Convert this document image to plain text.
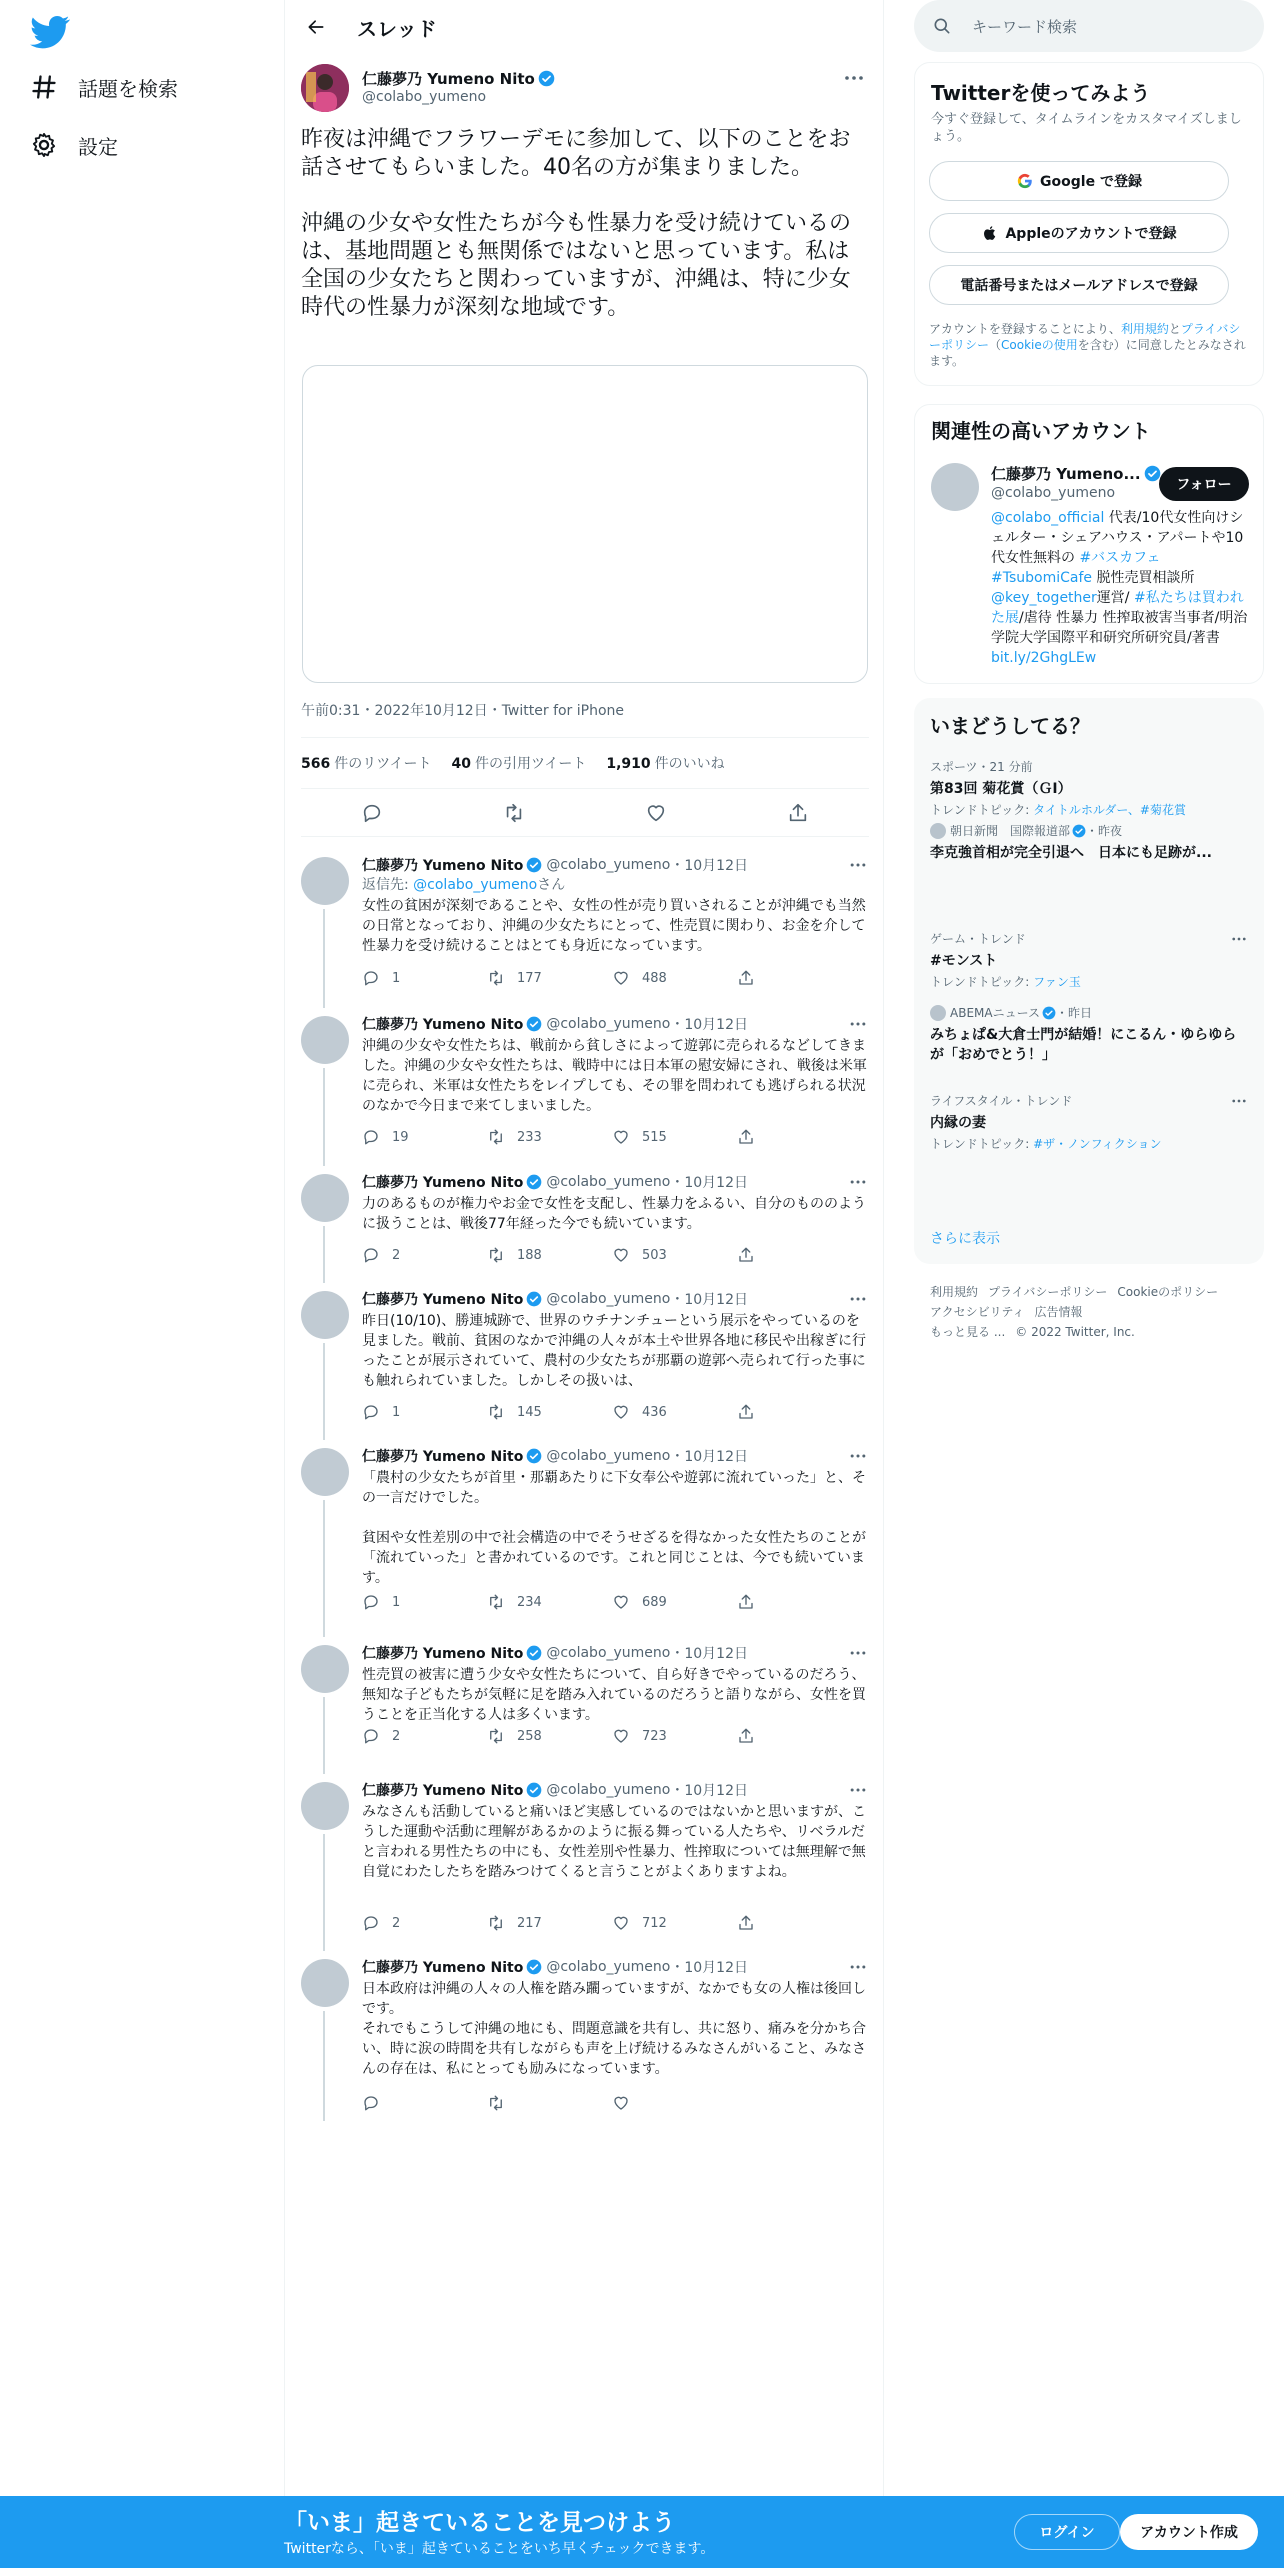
話題を検索
設定
スレッド
仁藤夢乃 Yumeno Nito
@colabo_yumeno
昨夜は沖縄でフラワーデモに参加して、以下のことをお話させてもらいました。40名の方が集まりました。

沖縄の少女や女性たちが今も性暴力を受け続けているのは、基地問題とも無関係ではないと思っています。私は全国の少女たちと関わっていますが、沖縄は、特に少女時代の性暴力が深刻な地域です。
午前0:31・2022年10月12日・Twitter for iPhone
566 件のリツイート 40 件の引用ツイート 1,910 件のいいね
仁藤夢乃 Yumeno Nito @colabo_yumeno ・10月12日
返信先: @colabo_yumenoさん
女性の貧困が深刻であることや、女性の性が売り買いされることが沖縄でも当然の日常となっており、沖縄の少女たちにとって、性売買に関わり、お金を介して性暴力を受け続けることはとても身近になっています。
1	177	488
仁藤夢乃 Yumeno Nito @colabo_yumeno ・10月12日
沖縄の少女や女性たちは、戦前から貧しさによって遊郭に売られるなどしてきました。沖縄の少女や女性たちは、戦時中には日本軍の慰安婦にされ、戦後は米軍に売られ、米軍は女性たちをレイプしても、その罪を問われても逃げられる状況のなかで今日まで来てしまいました。
19	233	515
仁藤夢乃 Yumeno Nito @colabo_yumeno ・10月12日
力のあるものが権力やお金で女性を支配し、性暴力をふるい、自分のもののように扱うことは、戦後77年経った今でも続いています。
2	188	503
仁藤夢乃 Yumeno Nito @colabo_yumeno ・10月12日
昨日(10/10)、勝連城跡で、世界のウチナンチューという展示をやっているのを見ました。戦前、貧困のなかで沖縄の人々が本土や世界各地に移民や出稼ぎに行ったことが展示されていて、農村の少女たちが那覇の遊郭へ売られて行った事にも触れられていました。しかしその扱いは、
1	145	436
仁藤夢乃 Yumeno Nito @colabo_yumeno ・10月12日
「農村の少女たちが首里・那覇あたりに下女奉公や遊郭に流れていった」と、その一言だけでした。

貧困や女性差別の中で社会構造の中でそうせざるを得なかった女性たちのことが「流れていった」と書かれているのです。これと同じことは、今でも続いています。
1	234	689
仁藤夢乃 Yumeno Nito @colabo_yumeno ・10月12日
性売買の被害に遭う少女や女性たちについて、自ら好きでやっているのだろう、無知な子どもたちが気軽に足を踏み入れているのだろうと語りながら、女性を買うことを正当化する人は多くいます。
2	258	723
仁藤夢乃 Yumeno Nito @colabo_yumeno ・10月12日
みなさんも活動していると痛いほど実感しているのではないかと思いますが、こうした運動や活動に理解があるかのように振る舞っている人たちや、リベラルだと言われる男性たちの中にも、女性差別や性暴力、性搾取については無理解で無自覚にわたしたちを踏みつけてくると言うことがよくありますよね。
2	217	712
仁藤夢乃 Yumeno Nito @colabo_yumeno ・10月12日
日本政府は沖縄の人々の人権を踏み躙っていますが、なかでも女の人権は後回しです。
それでもこうして沖縄の地にも、問題意識を共有し、共に怒り、痛みを分かち合い、時に涙の時間を共有しながらも声を上げ続けるみなさんがいること、みなさんの存在は、私にとっても励みになっています。
キーワード検索
Twitterを使ってみよう
今すぐ登録して、タイムラインをカスタマイズしましょう。
Google で登録
Appleのアカウントで登録
電話番号またはメールアドレスで登録
アカウントを登録することにより、利用規約とプライバシーポリシー（Cookieの使用を含む）に同意したとみなされます。
関連性の高いアカウント
仁藤夢乃 Yumeno...
@colabo_yumeno	フォロー
@colabo_official 代表/10代女性向けシェルター・シェアハウス・アパートや10代女性無料の #バスカフェ #TsubomiCafe 脱性売買相談所 @key_together運営/ #私たちは買われた展/虐待 性暴力 性搾取被害当事者/明治学院大学国際平和研究所研究員/著書bit.ly/2GhgLEw
いまどうしてる？
スポーツ・21 分前
第83回 菊花賞（ＧⅠ）
トレンドトピック: タイトルホルダー、#菊花賞
朝日新聞　国際報道部 ・昨夜
李克強首相が完全引退へ　日本にも足跡が...
ゲーム・トレンド
#モンスト
トレンドトピック: ファン玉
ABEMAニュース ・昨日
みちょぱ&大倉士門が結婚！にこるん・ゆらゆらが「おめでとう！」
ライフスタイル・トレンド
内縁の妻
トレンドトピック: #ザ・ノンフィクション
さらに表示
利用規約 プライバシーポリシー Cookieのポリシー
アクセシビリティ 広告情報
もっと見る ... © 2022 Twitter, Inc.
「いま」起きていることを見つけよう
Twitterなら、「いま」起きていることをいち早くチェックできます。
ログイン	アカウント作成
